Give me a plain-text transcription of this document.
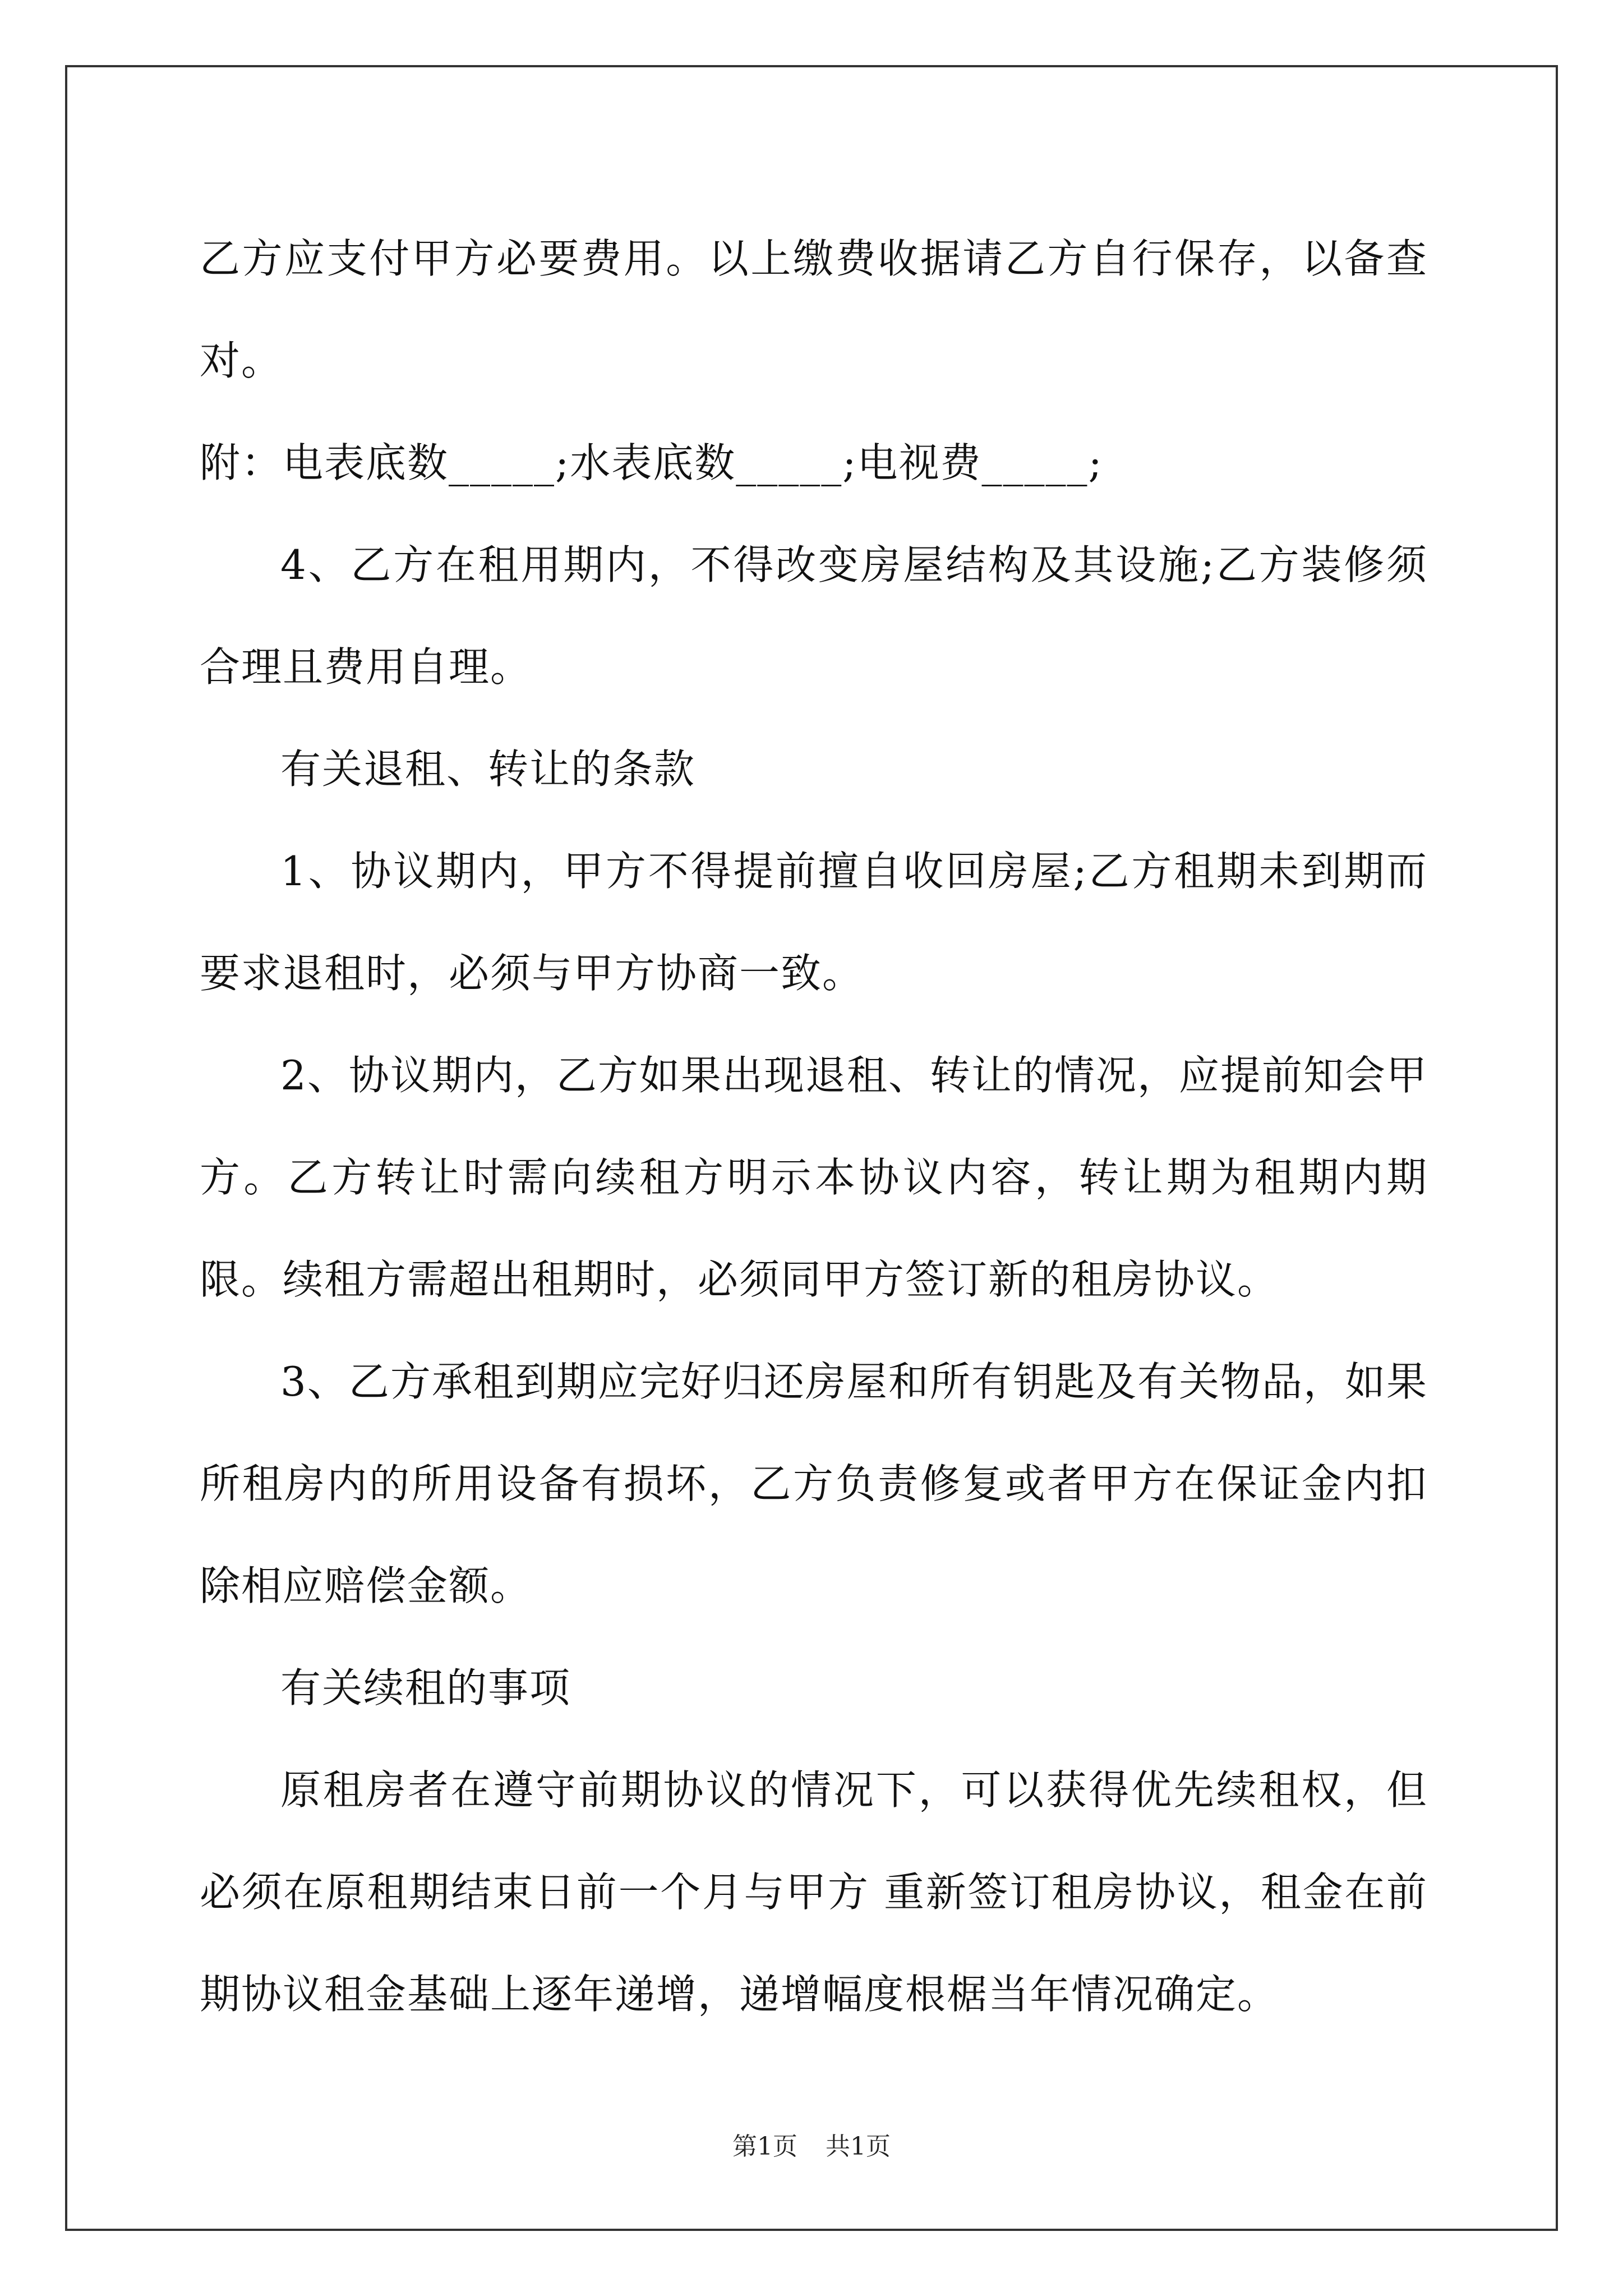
乙方应支付甲方必要费用。以上缴费收据请乙方自行保存，以备查对。

附：电表底数_____;水表底数_____;电视费_____;

4、乙方在租用期内，不得改变房屋结构及其设施;乙方装修须合理且费用自理。

有关退租、转让的条款

1、协议期内，甲方不得提前擅自收回房屋;乙方租期未到期而要求退租时，必须与甲方协商一致。

2、协议期内，乙方如果出现退租、转让的情况，应提前知会甲方。乙方转让时需向续租方明示本协议内容，转让期为租期内期限。续租方需超出租期时，必须同甲方签订新的租房协议。

3、乙方承租到期应完好归还房屋和所有钥匙及有关物品，如果所租房内的所用设备有损坏，乙方负责修复或者甲方在保证金内扣除相应赔偿金额。

有关续租的事项

原租房者在遵守前期协议的情况下，可以获得优先续租权，但必须在原租期结束日前一个月与甲方 重新签订租房协议，租金在前期协议租金基础上逐年递增，递增幅度根椐当年情况确定。

第1页 共1页
